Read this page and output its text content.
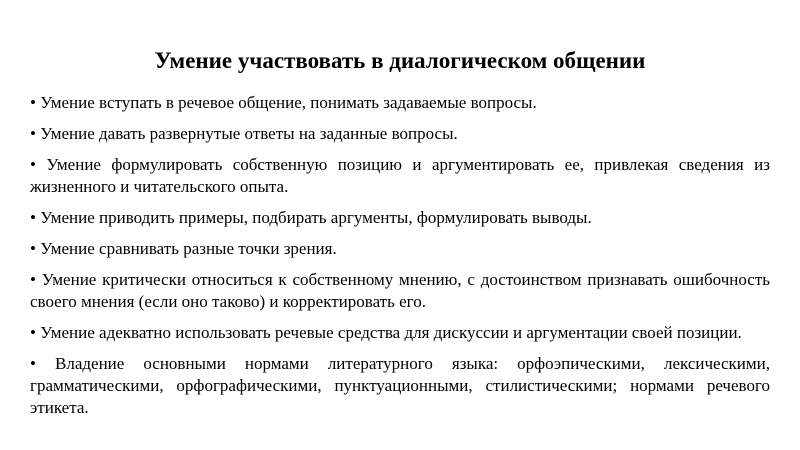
Умение участвовать в диалогическом общении
• Умение вступать в речевое общение, понимать задаваемые вопросы.
• Умение давать развернутые ответы на заданные вопросы.
• Умение формулировать собственную позицию и аргументировать ее, привлекая сведения из жизненного и читательского опыта.
• Умение приводить примеры, подбирать аргументы, формулировать выводы.
• Умение сравнивать разные точки зрения.
• Умение критически относиться к собственному мнению, с достоинством признавать ошибочность своего мнения (если оно таково) и корректировать его.
• Умение адекватно использовать речевые средства для дискуссии и аргументации своей позиции.
• Владение основными нормами литературного языка: орфоэпическими, лексическими, грамматическими, орфографическими, пунктуационными, стилистическими; нормами речевого этикета.
